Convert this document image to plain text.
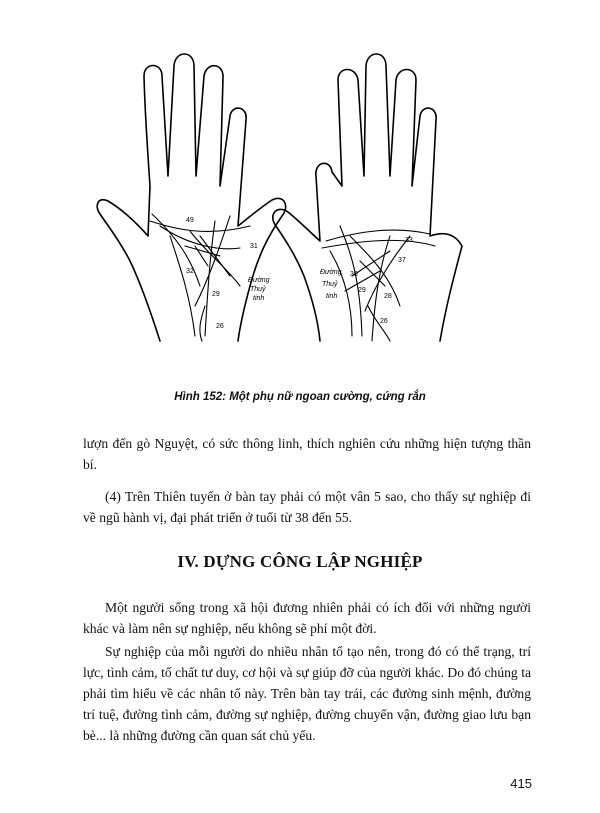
49
31
32
29
26
Đường
Thuỷ
tinh
33
37
30
29
28
26
Đường
Thuỷ
tinh
Hình 152: Một phụ nữ ngoan cường, cứng rắn

lượn đến gò Nguyệt, có sức thông linh, thích nghiên cứu những hiện tượng thần bí.

(4) Trên Thiên tuyến ở bàn tay phải có một vân 5 sao, cho thấy sự nghiệp đi về ngũ hành vị, đại phát triển ở tuổi từ 38 đến 55.

IV. DỰNG CÔNG LẬP NGHIỆP

Một người sống trong xã hội đương nhiên phải có ích đối với những người khác và làm nên sự nghiệp, nếu không sẽ phí một đời.

Sự nghiệp của mỗi người do nhiều nhân tố tạo nên, trong đó có thể trạng, trí lực, tình cảm, tố chất tư duy, cơ hội và sự giúp đỡ của người khác. Do đó chúng ta phải tìm hiểu về các nhân tố này. Trên bàn tay trái, các đường sinh mệnh, đường trí tuệ, đường tình cảm, đường sự nghiệp, đường chuyển vận, đường giao lưu bạn bè... là những đường cần quan sát chủ yếu.

415
